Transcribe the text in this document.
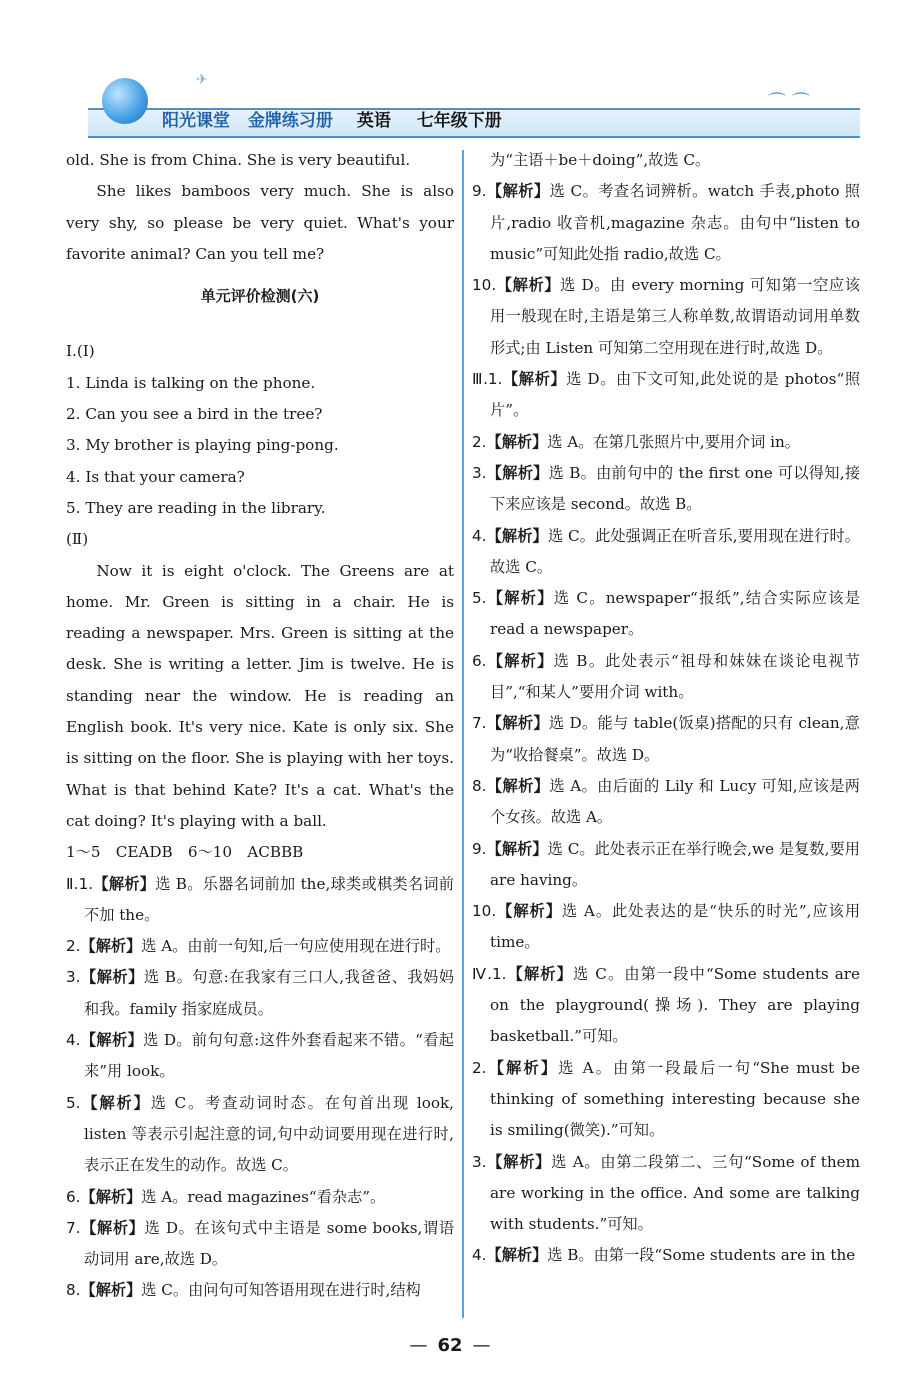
✈
⌒⌒
阳光课堂 金牌练习册 英语 七年级下册

old. She is from China. She is very beautiful.

She likes bamboos very much. She is also very shy, so please be very quiet. What's your favorite animal? Can you tell me?

单元评价检测(六)

Ⅰ.(Ⅰ)

1. Linda is talking on the phone.

2. Can you see a bird in the tree?

3. My brother is playing ping-pong.

4. Is that your camera?

5. They are reading in the library.

(Ⅱ)

Now it is eight o'clock. The Greens are at home. Mr. Green is sitting in a chair. He is reading a newspaper. Mrs. Green is sitting at the desk. She is writing a letter. Jim is twelve. He is standing near the window. He is reading an English book. It's very nice. Kate is only six. She is sitting on the floor. She is playing with her toys. What is that behind Kate? It's a cat. What's the cat doing? It's playing with a ball.

1～5　CEADB　6～10　ACBBB

Ⅱ.1.【解析】选 B。乐器名词前加 the,球类或棋类名词前不加 the。

2.【解析】选 A。由前一句知,后一句应使用现在进行时。

3.【解析】选 B。句意:在我家有三口人,我爸爸、我妈妈和我。family 指家庭成员。

4.【解析】选 D。前句句意:这件外套看起来不错。“看起来”用 look。

5.【解析】选 C。考查动词时态。在句首出现 look, listen 等表示引起注意的词,句中动词要用现在进行时,表示正在发生的动作。故选 C。

6.【解析】选 A。read magazines“看杂志”。

7.【解析】选 D。在该句式中主语是 some books,谓语动词用 are,故选 D。

8.【解析】选 C。由问句可知答语用现在进行时,结构

为“主语＋be＋doing”,故选 C。

9.【解析】选 C。考查名词辨析。watch 手表,photo 照片,radio 收音机,magazine 杂志。由句中“listen to music”可知此处指 radio,故选 C。

10.【解析】选 D。由 every morning 可知第一空应该用一般现在时,主语是第三人称单数,故谓语动词用单数形式;由 Listen 可知第二空用现在进行时,故选 D。

Ⅲ.1.【解析】选 D。由下文可知,此处说的是 photos“照片”。

2.【解析】选 A。在第几张照片中,要用介词 in。

3.【解析】选 B。由前句中的 the first one 可以得知,接下来应该是 second。故选 B。

4.【解析】选 C。此处强调正在听音乐,要用现在进行时。故选 C。

5.【解析】选 C。newspaper“报纸”,结合实际应该是 read a newspaper。

6.【解析】选 B。此处表示“祖母和妹妹在谈论电视节目”,“和某人”要用介词 with。

7.【解析】选 D。能与 table(饭桌)搭配的只有 clean,意为“收拾餐桌”。故选 D。

8.【解析】选 A。由后面的 Lily 和 Lucy 可知,应该是两个女孩。故选 A。

9.【解析】选 C。此处表示正在举行晚会,we 是复数,要用 are having。

10.【解析】选 A。此处表达的是“快乐的时光”,应该用 time。

Ⅳ.1.【解析】选 C。由第一段中“Some students are on the playground(操场). They are playing basketball.”可知。

2.【解析】选 A。由第一段最后一句“She must be thinking of something interesting because she is smiling(微笑).”可知。

3.【解析】选 A。由第二段第二、三句“Some of them are working in the office. And some are talking with students.”可知。

4.【解析】选 B。由第一段“Some students are in the

— 62 —
